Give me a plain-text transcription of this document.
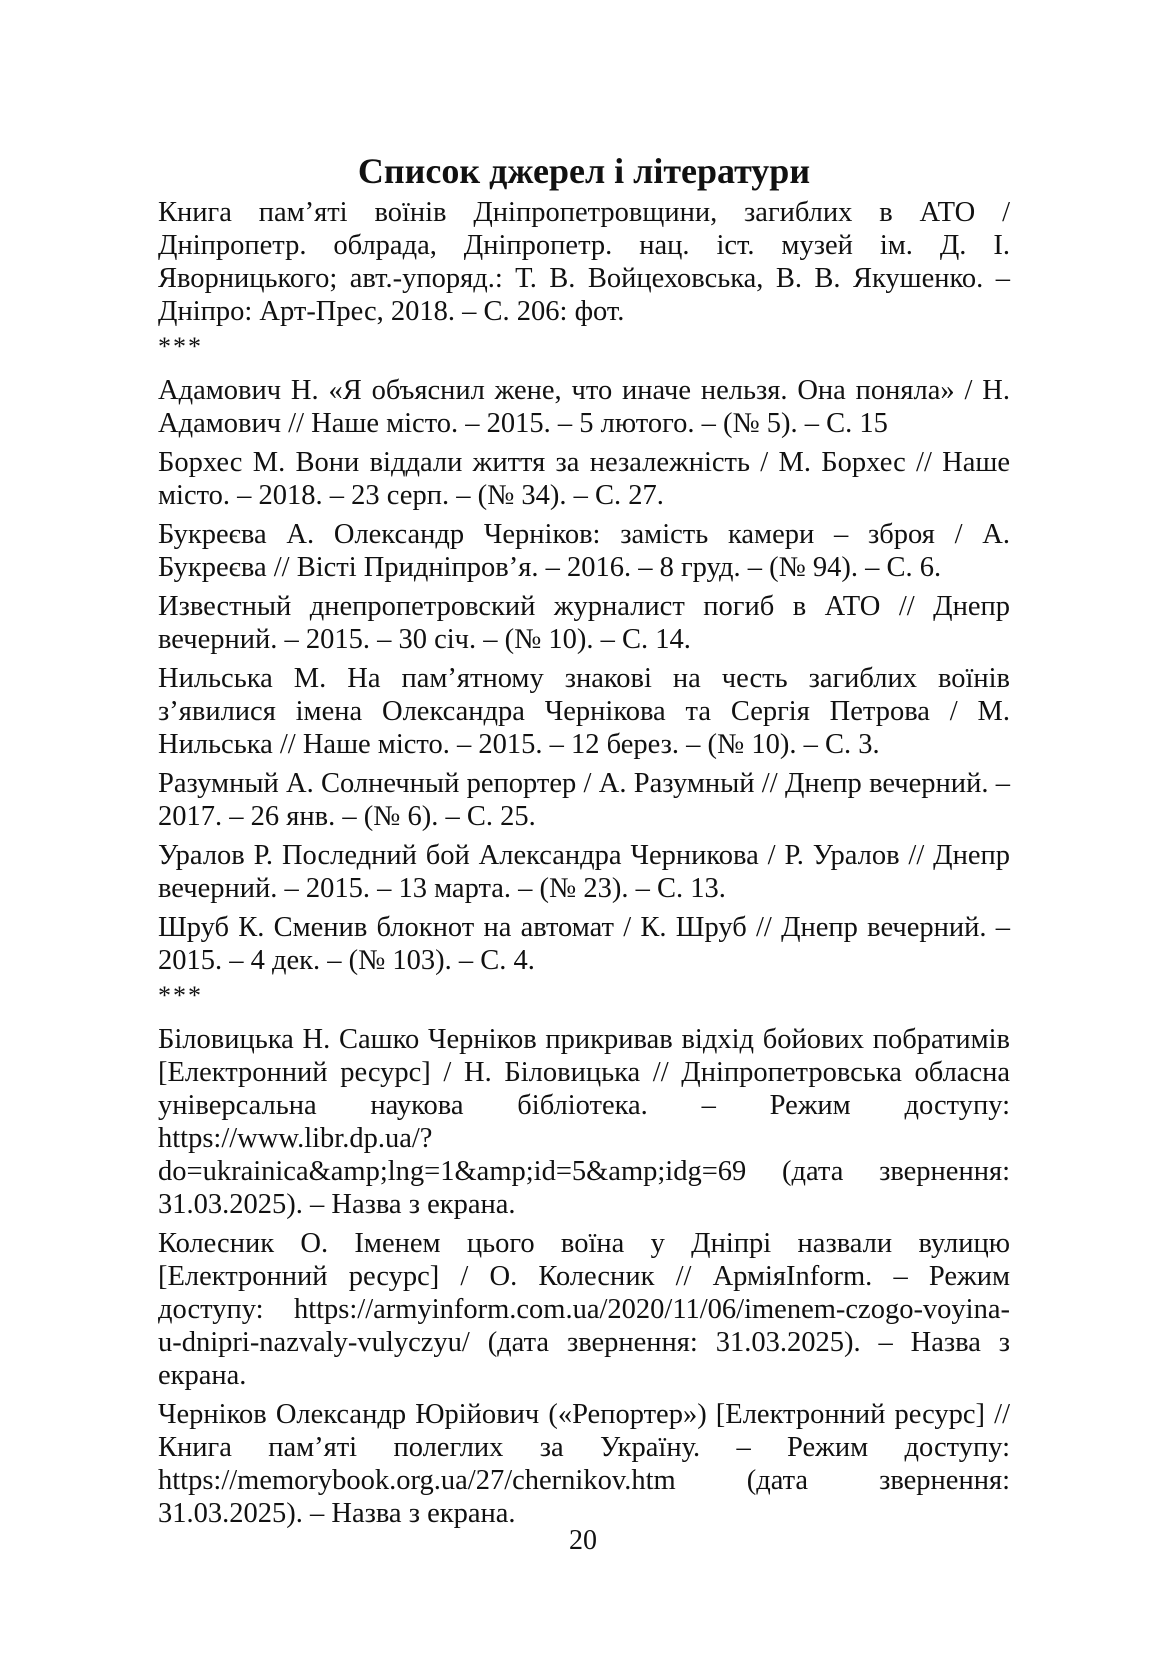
Список джерел і літератури

Книга пам’яті воїнів Дніпропетровщини, загиблих в АТО / Дніпропетр. облрада, Дніпропетр. нац. іст. музей ім. Д. І. Яворницького; авт.-упоряд.: Т. В. Войцеховська, В. В. Якушенко. – Дніпро: Арт-Прес, 2018. – С. 206: фот.

***

Адамович Н. «Я объяснил жене, что иначе нельзя. Она поняла» / Н. Адамович // Наше місто. – 2015. – 5 лютого. – (№ 5). – С. 15

Борхес М. Вони віддали життя за незалежність / М. Борхес // Наше місто. – 2018. – 23 серп. – (№ 34). – С. 27.

Букреєва А. Олександр Черніков: замість камери – зброя / А. Букреєва // Вісті Придніпров’я. – 2016. – 8 груд. – (№ 94). – С. 6.

Известный днепропетровский журналист погиб в АТО // Днепр вечерний. – 2015. – 30 січ. – (№ 10). – С. 14.

Нильська М. На пам’ятному знакові на честь загиблих воїнів з’явилися імена Олександра Чернікова та Сергія Петрова / М. Нильська // Наше місто. – 2015. – 12 берез. – (№ 10). – С. 3.

Разумный А. Солнечный репортер / А. Разумный // Днепр вечерний. – 2017. – 26 янв. – (№ 6). – С. 25.

Уралов Р. Последний бой Александра Черникова / Р. Уралов // Днепр вечерний. – 2015. – 13 марта. – (№ 23). – С. 13.

Шруб К. Сменив блокнот на автомат / К. Шруб // Днепр вечерний. – 2015. – 4 дек. – (№ 103). – С. 4.

***

Біловицька Н. Сашко Черніков прикривав відхід бойових побратимів [Електронний ресурс] / Н. Біловицька // Дніпропетровська обласна універсальна наукова бібліотека. – Режим доступу: https://www.libr.dp.ua/?do=ukrainica&amp;lng=1&amp;id=5&amp;idg=69 (дата звернення: 31.03.2025). – Назва з екрана.

Колесник О. Іменем цього воїна у Дніпрі назвали вулицю [Електронний ресурс] / О. Колесник // АрміяInform. – Режим доступу: https://armyinform.com.ua/2020/11/06/imenem-czogo-voyina-u-dnipri-nazvaly-vulyczyu/ (дата звернення: 31.03.2025). – Назва з екрана.

Черніков Олександр Юрійович («Репортер») [Електронний ресурс] // Книга пам’яті полеглих за Україну. – Режим доступу: https://memorybook.org.ua/27/chernikov.htm (дата звернення: 31.03.2025). – Назва з екрана.

20
